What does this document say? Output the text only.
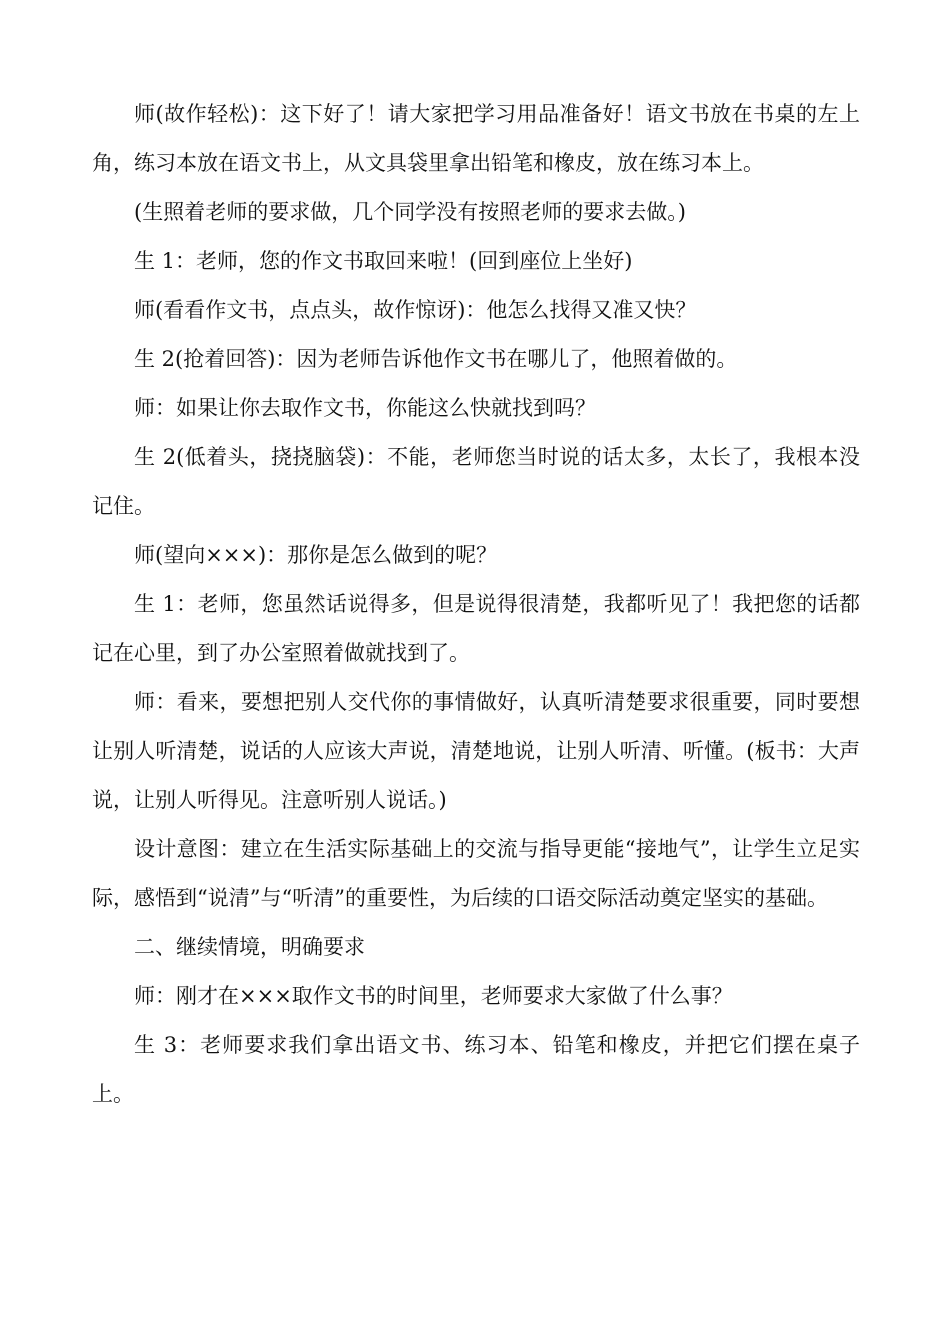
师(故作轻松)：这下好了！请大家把学习用品准备好！语文书放在书桌的左上角，练习本放在语文书上，从文具袋里拿出铅笔和橡皮，放在练习本上。

(生照着老师的要求做，几个同学没有按照老师的要求去做。)

生 1：老师，您的作文书取回来啦！(回到座位上坐好)

师(看看作文书，点点头，故作惊讶)：他怎么找得又准又快？

生 2(抢着回答)：因为老师告诉他作文书在哪儿了，他照着做的。

师：如果让你去取作文书，你能这么快就找到吗？

生 2(低着头，挠挠脑袋)：不能，老师您当时说的话太多，太长了，我根本没记住。

师(望向×××)：那你是怎么做到的呢？

生 1：老师，您虽然话说得多，但是说得很清楚，我都听见了！我把您的话都记在心里，到了办公室照着做就找到了。

师：看来，要想把别人交代你的事情做好，认真听清楚要求很重要，同时要想让别人听清楚，说话的人应该大声说，清楚地说，让别人听清、听懂。(板书：大声说，让别人听得见。注意听别人说话。)

设计意图：建立在生活实际基础上的交流与指导更能“接地气”，让学生立足实际，感悟到“说清”与“听清”的重要性，为后续的口语交际活动奠定坚实的基础。

二、继续情境，明确要求

师：刚才在×××取作文书的时间里，老师要求大家做了什么事？

生 3：老师要求我们拿出语文书、练习本、铅笔和橡皮，并把它们摆在桌子上。
